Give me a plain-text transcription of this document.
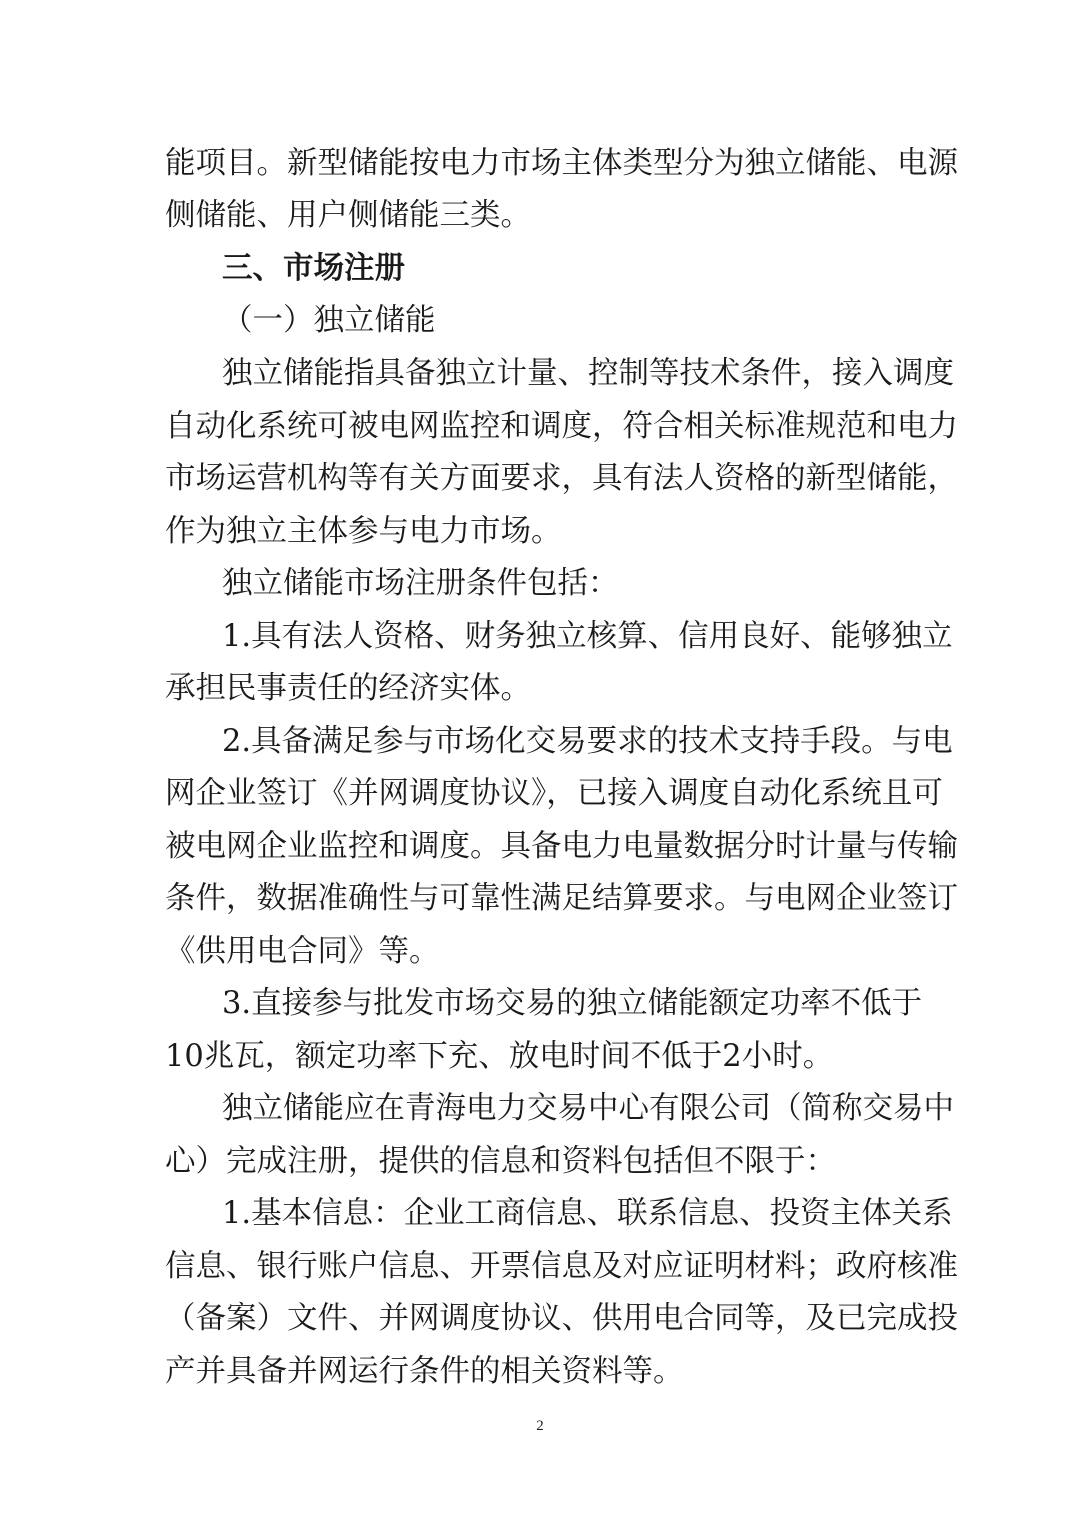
能项目。新型储能按电力市场主体类型分为独立储能、电源
侧储能、用户侧储能三类。
三、市场注册
（一）独立储能
独立储能指具备独立计量、控制等技术条件，接入调度
自动化系统可被电网监控和调度，符合相关标准规范和电力
市场运营机构等有关方面要求，具有法人资格的新型储能，
作为独立主体参与电力市场。
独立储能市场注册条件包括：
1.具有法人资格、财务独立核算、信用良好、能够独立
承担民事责任的经济实体。
2.具备满足参与市场化交易要求的技术支持手段。与电
网企业签订《并网调度协议》，已接入调度自动化系统且可
被电网企业监控和调度。具备电力电量数据分时计量与传输
条件，数据准确性与可靠性满足结算要求。与电网企业签订
《供用电合同》等。
3.直接参与批发市场交易的独立储能额定功率不低于
10兆瓦，额定功率下充、放电时间不低于2小时。
独立储能应在青海电力交易中心有限公司（简称交易中
心）完成注册，提供的信息和资料包括但不限于：
1.基本信息：企业工商信息、联系信息、投资主体关系
信息、银行账户信息、开票信息及对应证明材料；政府核准
（备案）文件、并网调度协议、供用电合同等，及已完成投
产并具备并网运行条件的相关资料等。
2
